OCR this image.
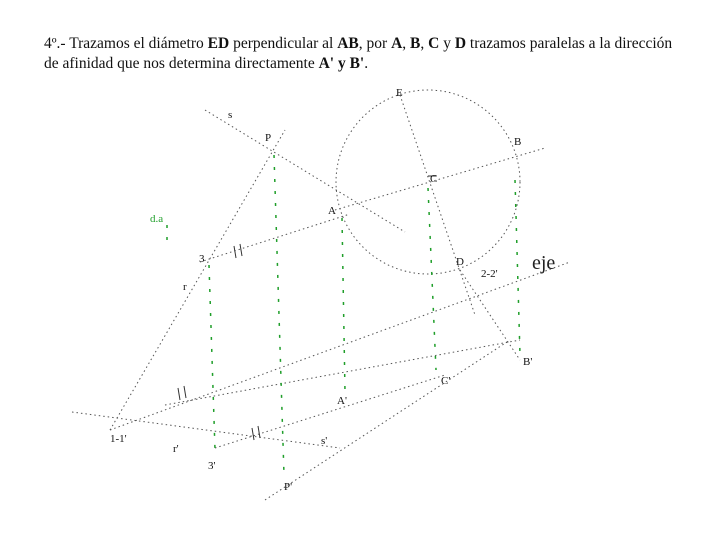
4º.- Trazamos el diámetro ED perpendicular al AB, por A, B, C y D trazamos paralelas a la dirección de afinidad que nos determina directamente A' y B'.

E
s
P	B
C
A
d.a
3	D
2-2' eje
r
B'
C'
A'
1-1'	s'
r'
3'
P'
